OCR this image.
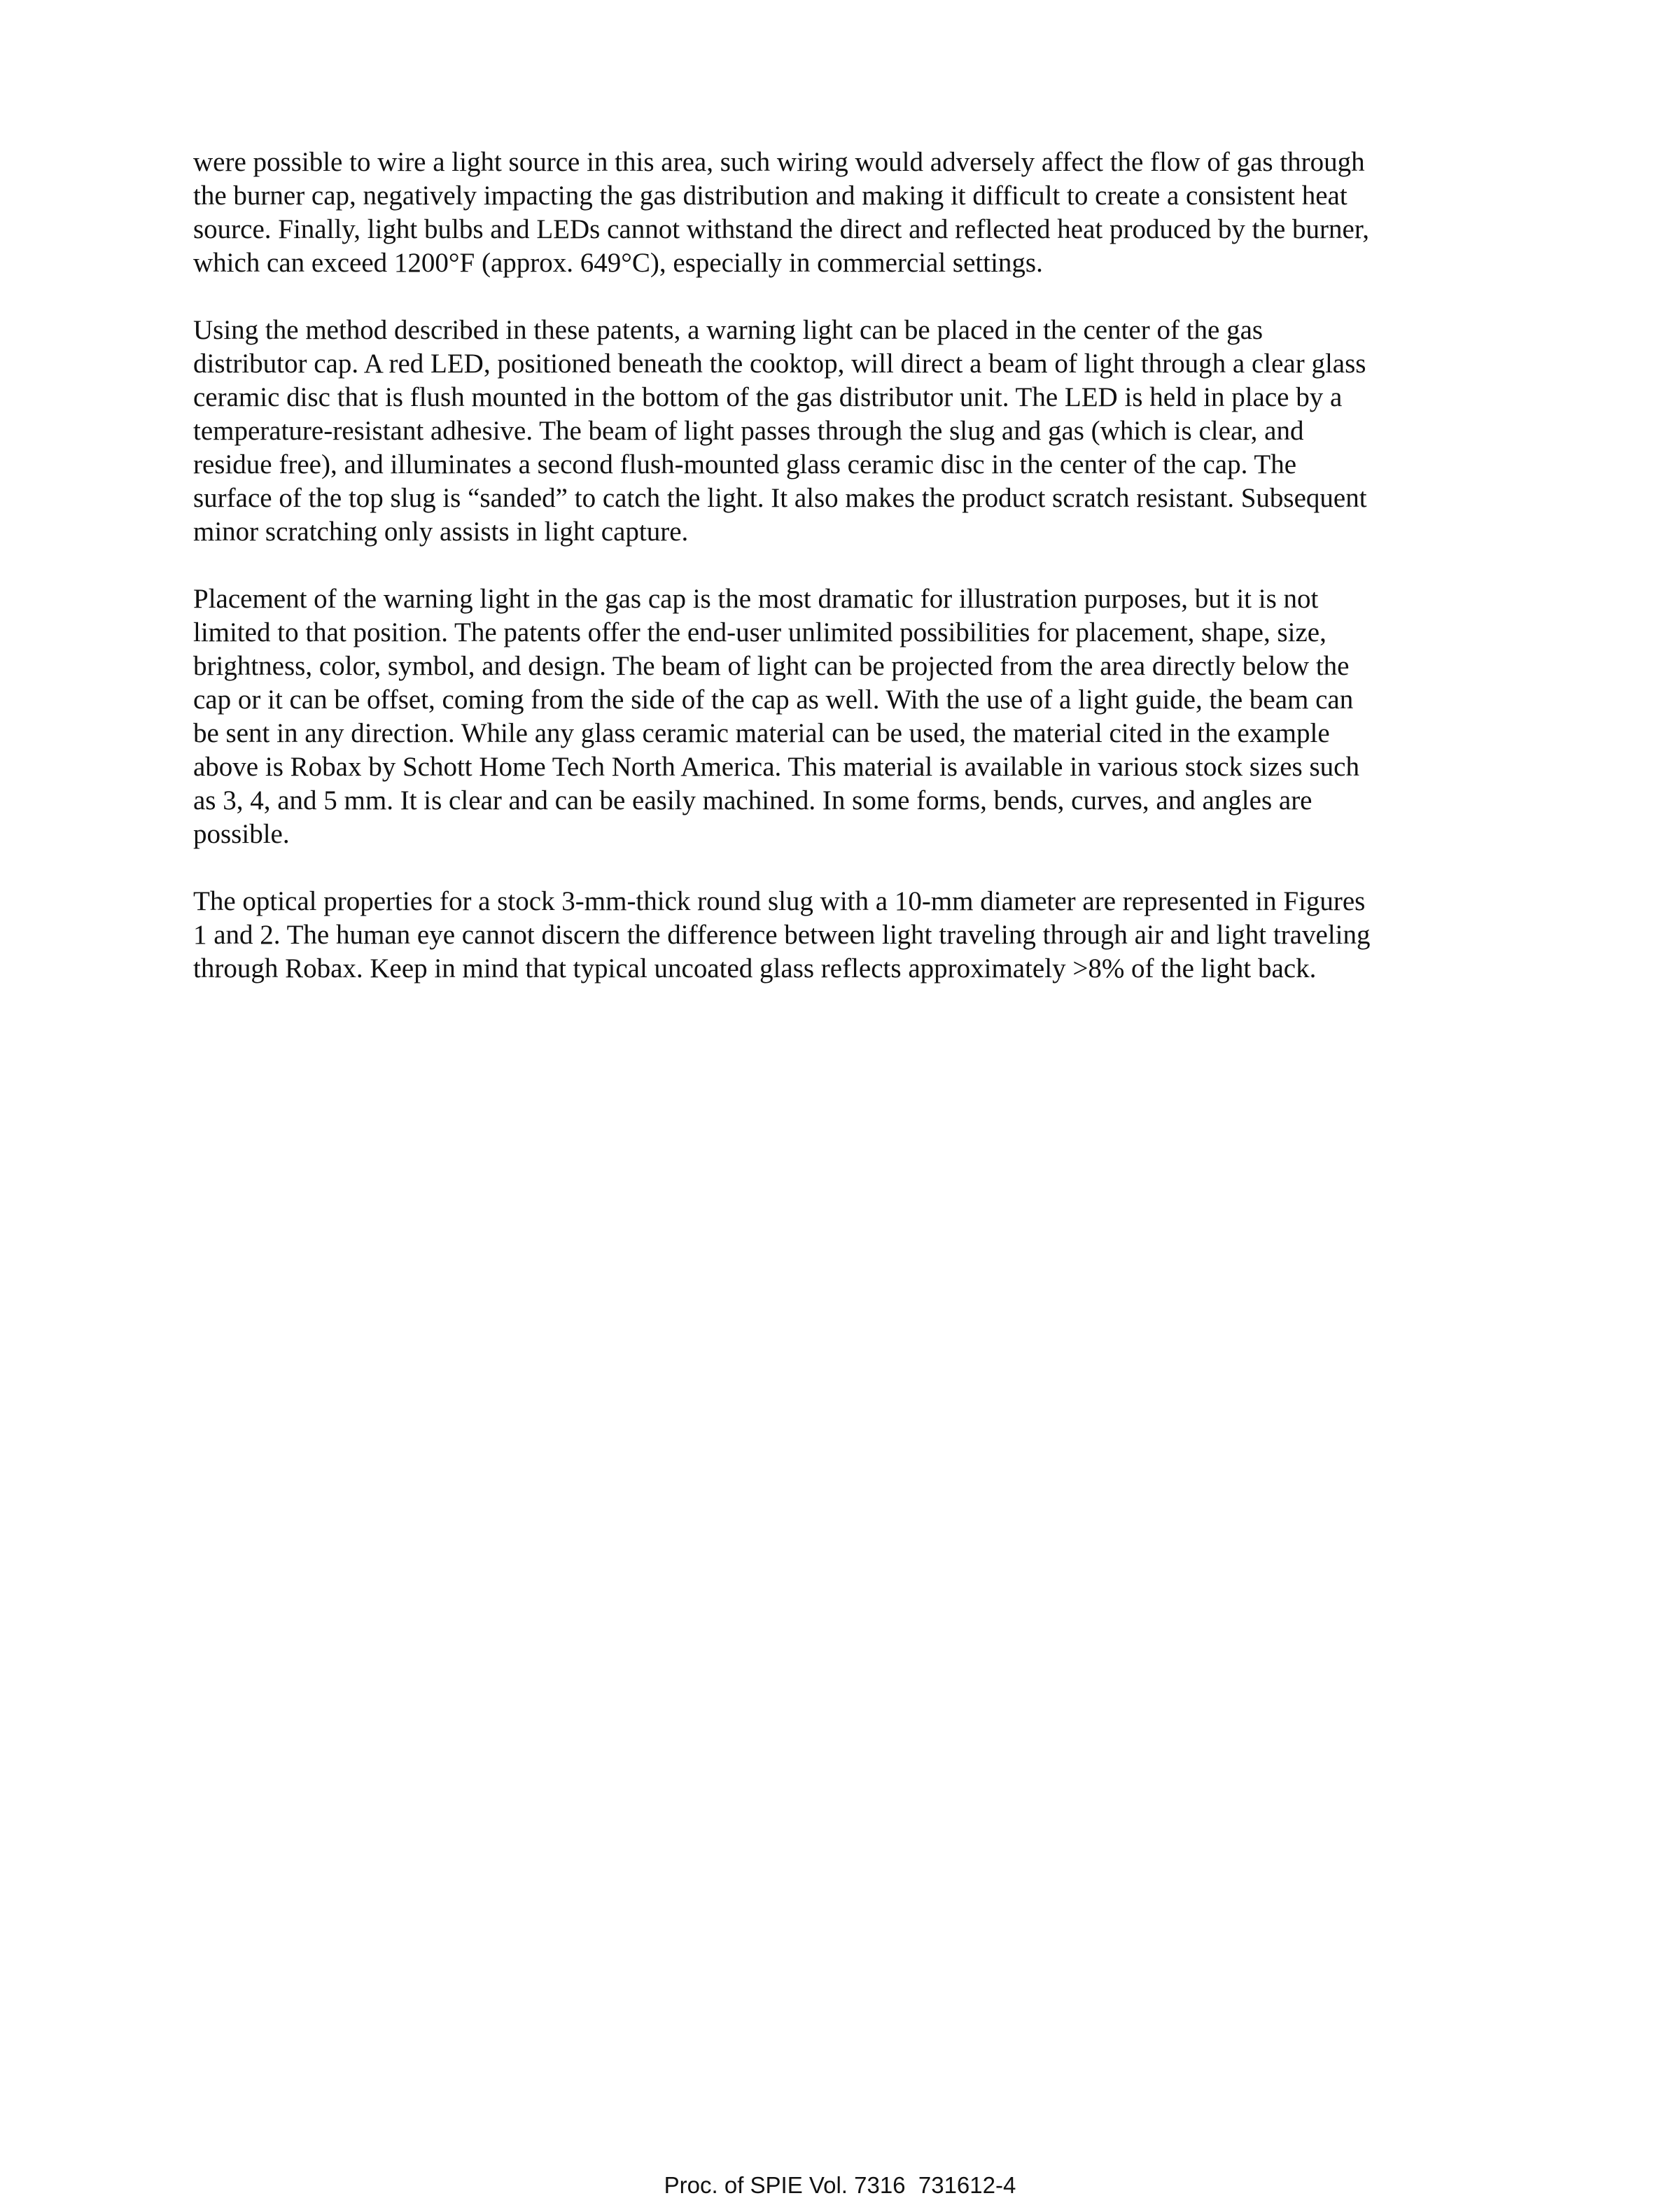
were possible to wire a light source in this area, such wiring would adversely affect the flow of gas through
the burner cap, negatively impacting the gas distribution and making it difficult to create a consistent heat
source. Finally, light bulbs and LEDs cannot withstand the direct and reflected heat produced by the burner,
which can exceed 1200°F (approx. 649°C), especially in commercial settings.

Using the method described in these patents, a warning light can be placed in the center of the gas
distributor cap. A red LED, positioned beneath the cooktop, will direct a beam of light through a clear glass
ceramic disc that is flush mounted in the bottom of the gas distributor unit. The LED is held in place by a
temperature-resistant adhesive. The beam of light passes through the slug and gas (which is clear, and
residue free), and illuminates a second flush-mounted glass ceramic disc in the center of the cap. The
surface of the top slug is “sanded” to catch the light. It also makes the product scratch resistant. Subsequent
minor scratching only assists in light capture.

Placement of the warning light in the gas cap is the most dramatic for illustration purposes, but it is not
limited to that position. The patents offer the end-user unlimited possibilities for placement, shape, size,
brightness, color, symbol, and design. The beam of light can be projected from the area directly below the
cap or it can be offset, coming from the side of the cap as well. With the use of a light guide, the beam can
be sent in any direction. While any glass ceramic material can be used, the material cited in the example
above is Robax by Schott Home Tech North America. This material is available in various stock sizes such
as 3, 4, and 5 mm. It is clear and can be easily machined. In some forms, bends, curves, and angles are
possible.

The optical properties for a stock 3-mm-thick round slug with a 10-mm diameter are represented in Figures
1 and 2. The human eye cannot discern the difference between light traveling through air and light traveling
through Robax. Keep in mind that typical uncoated glass reflects approximately >8% of the light back.

Proc. of SPIE Vol. 7316  731612-4
